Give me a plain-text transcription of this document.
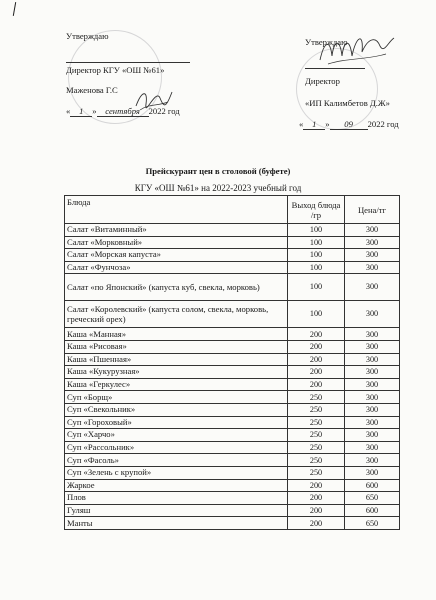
Утверждаю
Директор КГУ «ОШ №61»
Маженова Г.С
« 1 » сентября 2022 год
Утверждаю
Директор
«ИП Калимбетов Д.Ж»
« 1 » 09 2022 год
Прейскурант цен в столовой (буфете)
КГУ «ОШ №61» на 2022-2023 учебный год
Блюда	Выход блюда /гр	Цена/тг
Салат «Витаминный»	100	300
Салат «Морковный»	100	300
Салат «Морская капуста»	100	300
Салат «Фунчоза»	100	300
Салат «по Японский» (капуста куб, свекла, морковь)	100	300
Салат «Королевский» (капуста солом, свекла, морковь, греческий орех)	100	300
Каша «Манная»	200	300
Каша «Рисовая»	200	300
Каша «Пшенная»	200	300
Каша «Кукурузная»	200	300
Каша «Геркулес»	200	300
Суп «Борщ»	250	300
Суп «Свекольник»	250	300
Суп «Гороховый»	250	300
Суп «Харчо»	250	300
Суп «Рассольник»	250	300
Суп «Фасоль»	250	300
Суп «Зелень с крупой»	250	300
Жаркое	200	600
Плов	200	650
Гуляш	200	600
Манты	200	650
